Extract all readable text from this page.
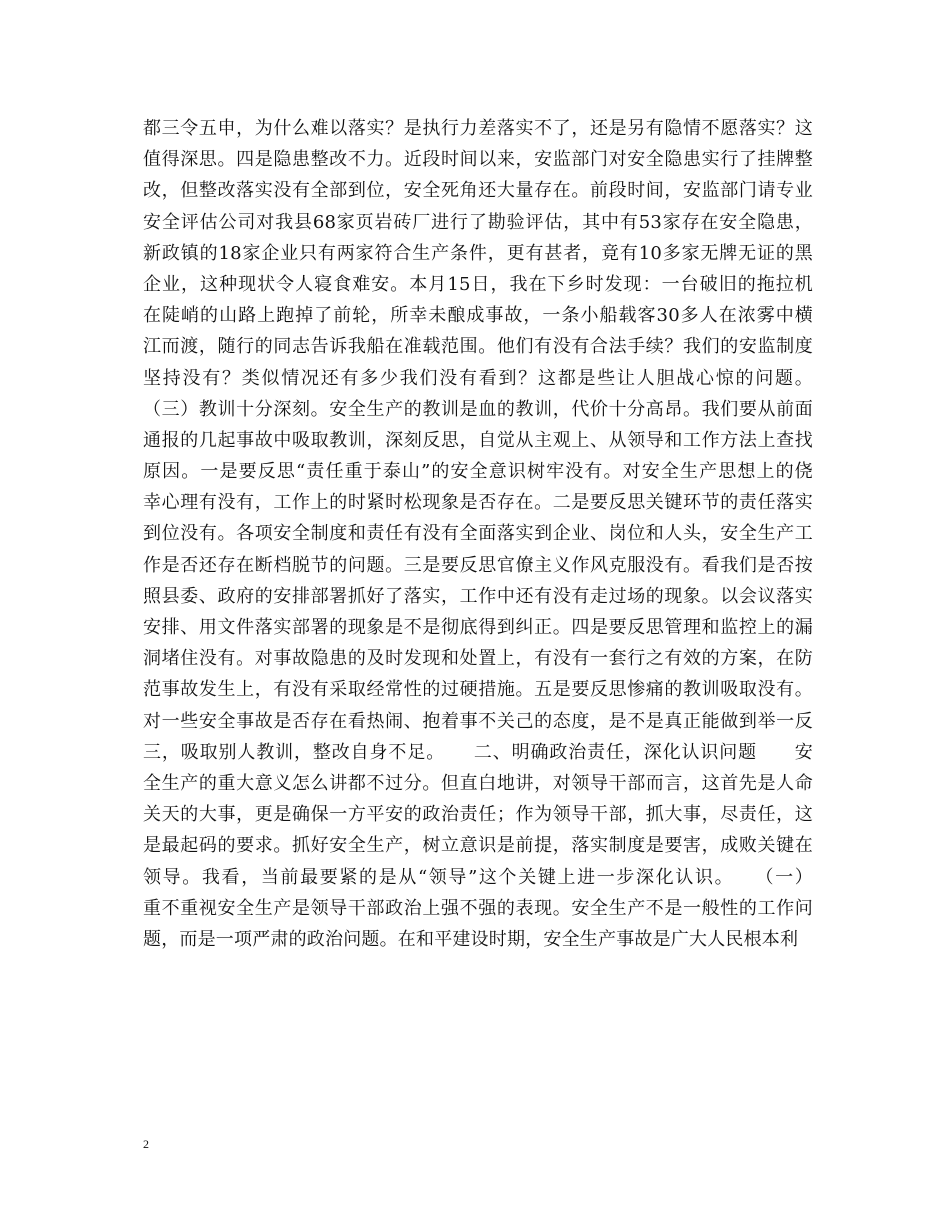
都三令五申，为什么难以落实？是执行力差落实不了，还是另有隐情不愿落实？这
值得深思。四是隐患整改不力。近段时间以来，安监部门对安全隐患实行了挂牌整
改，但整改落实没有全部到位，安全死角还大量存在。前段时间，安监部门请专业
安全评估公司对我县68家页岩砖厂进行了勘验评估，其中有53家存在安全隐患，
新政镇的18家企业只有两家符合生产条件，更有甚者，竟有10多家无牌无证的黑
企业，这种现状令人寝食难安。本月15日，我在下乡时发现：一台破旧的拖拉机
在陡峭的山路上跑掉了前轮，所幸未酿成事故，一条小船载客30多人在浓雾中横
江而渡，随行的同志告诉我船在准载范围。他们有没有合法手续？我们的安监制度
坚持没有？类似情况还有多少我们没有看到？这都是些让人胆战心惊的问题。
（三）教训十分深刻。安全生产的教训是血的教训，代价十分高昂。我们要从前面
通报的几起事故中吸取教训，深刻反思，自觉从主观上、从领导和工作方法上查找
原因。一是要反思“责任重于泰山”的安全意识树牢没有。对安全生产思想上的侥
幸心理有没有，工作上的时紧时松现象是否存在。二是要反思关键环节的责任落实
到位没有。各项安全制度和责任有没有全面落实到企业、岗位和人头，安全生产工
作是否还存在断档脱节的问题。三是要反思官僚主义作风克服没有。看我们是否按
照县委、政府的安排部署抓好了落实，工作中还有没有走过场的现象。以会议落实
安排、用文件落实部署的现象是不是彻底得到纠正。四是要反思管理和监控上的漏
洞堵住没有。对事故隐患的及时发现和处置上，有没有一套行之有效的方案，在防
范事故发生上，有没有采取经常性的过硬措施。五是要反思惨痛的教训吸取没有。
对一些安全事故是否存在看热闹、抱着事不关己的态度，是不是真正能做到举一反
三，吸取别人教训，整改自身不足。　　二、明确政治责任，深化认识问题　　安
全生产的重大意义怎么讲都不过分。但直白地讲，对领导干部而言，这首先是人命
关天的大事，更是确保一方平安的政治责任；作为领导干部，抓大事，尽责任，这
是最起码的要求。抓好安全生产，树立意识是前提，落实制度是要害，成败关键在
领导。我看，当前最要紧的是从“领导”这个关键上进一步深化认识。　　（一）
重不重视安全生产是领导干部政治上强不强的表现。安全生产不是一般性的工作问
题，而是一项严肃的政治问题。在和平建设时期，安全生产事故是广大人民根本利
2
